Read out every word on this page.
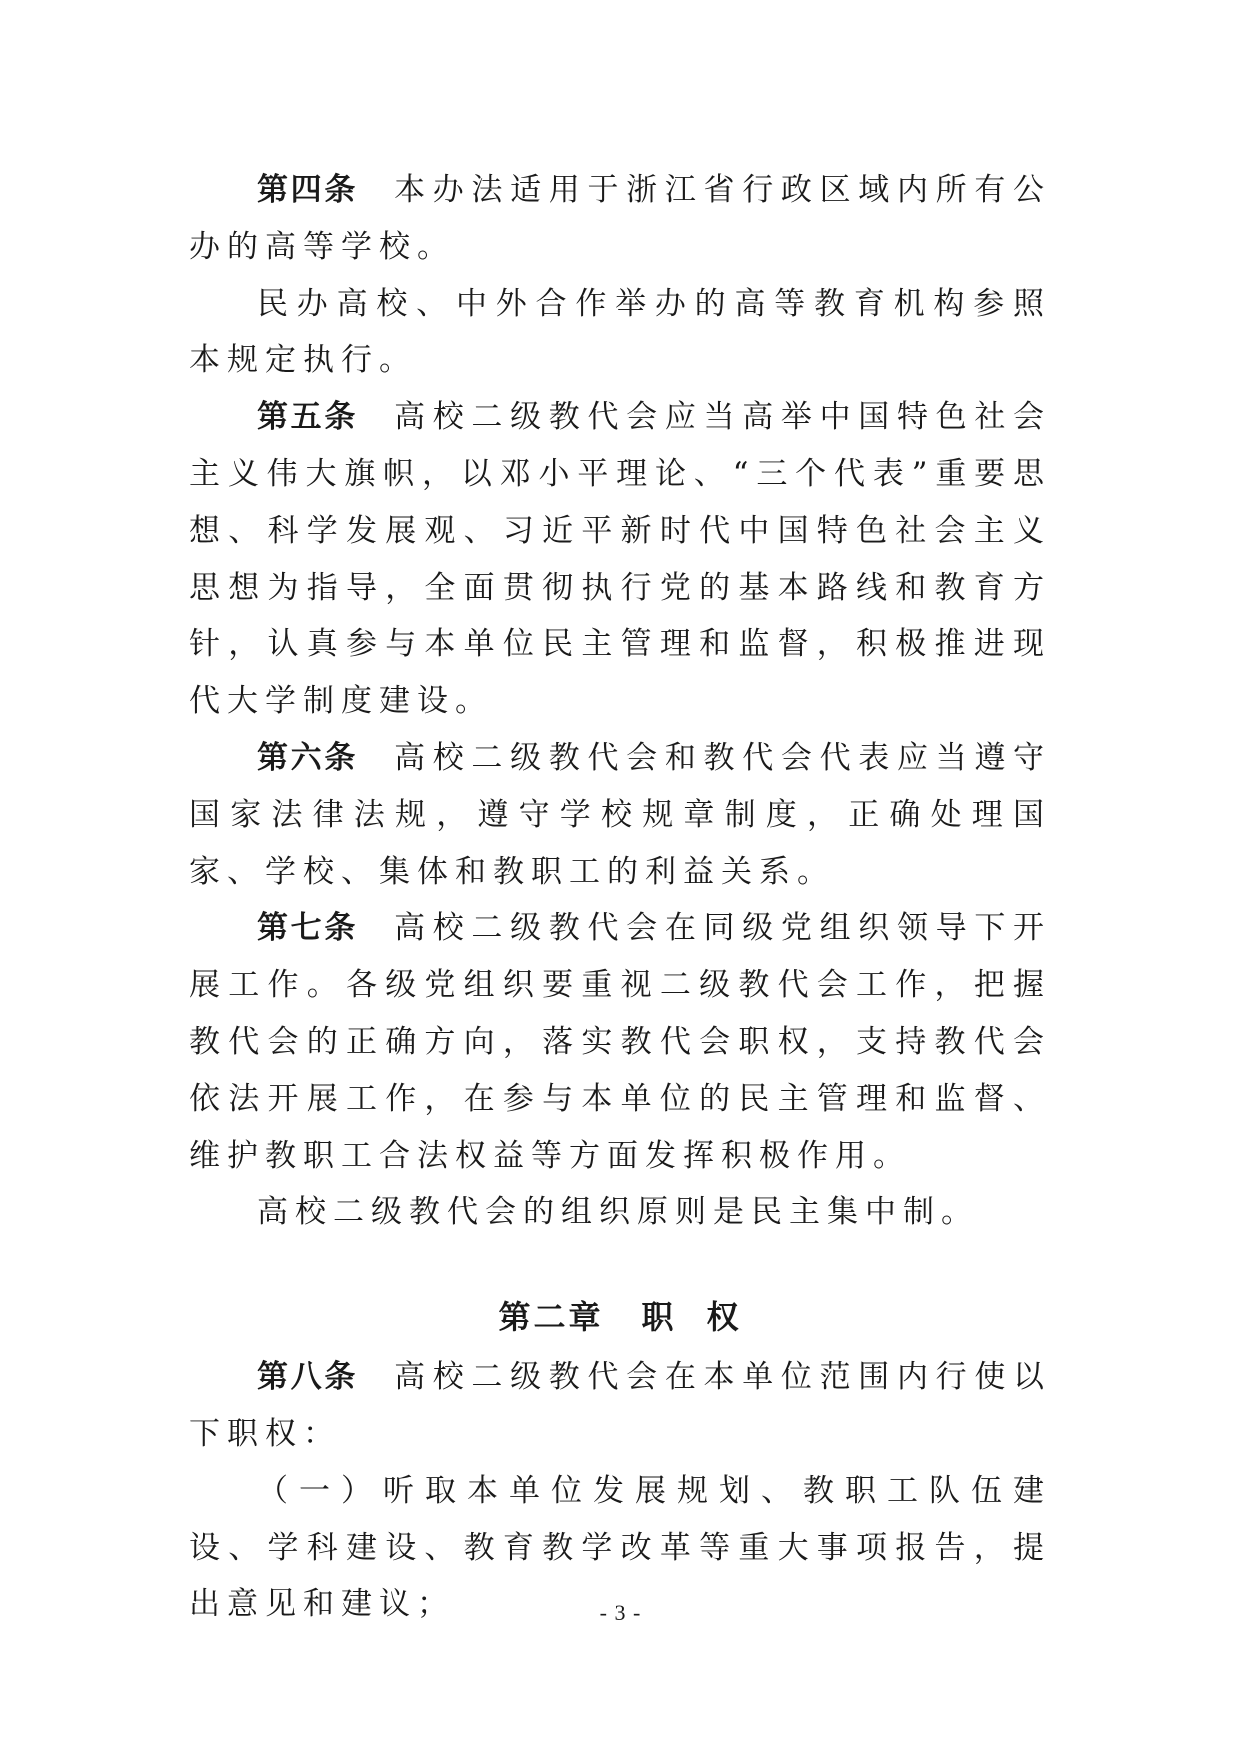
第四条 本办法适用于浙江省行政区域内所有公办的高等学校。

民办高校、中外合作举办的高等教育机构参照本规定执行。

第五条 高校二级教代会应当高举中国特色社会主义伟大旗帜，以邓小平理论、“三个代表”重要思想、科学发展观、习近平新时代中国特色社会主义思想为指导，全面贯彻执行党的基本路线和教育方针，认真参与本单位民主管理和监督，积极推进现代大学制度建设。

第六条 高校二级教代会和教代会代表应当遵守国家法律法规，遵守学校规章制度，正确处理国家、学校、集体和教职工的利益关系。

第七条 高校二级教代会在同级党组织领导下开展工作。各级党组织要重视二级教代会工作，把握教代会的正确方向，落实教代会职权，支持教代会依法开展工作，在参与本单位的民主管理和监督、维护教职工合法权益等方面发挥积极作用。

高校二级教代会的组织原则是民主集中制。

第二章 职 权

第八条 高校二级教代会在本单位范围内行使以下职权：

（一）听取本单位发展规划、教职工队伍建设、学科建设、教育教学改革等重大事项报告，提出意见和建议；	- 3 -
